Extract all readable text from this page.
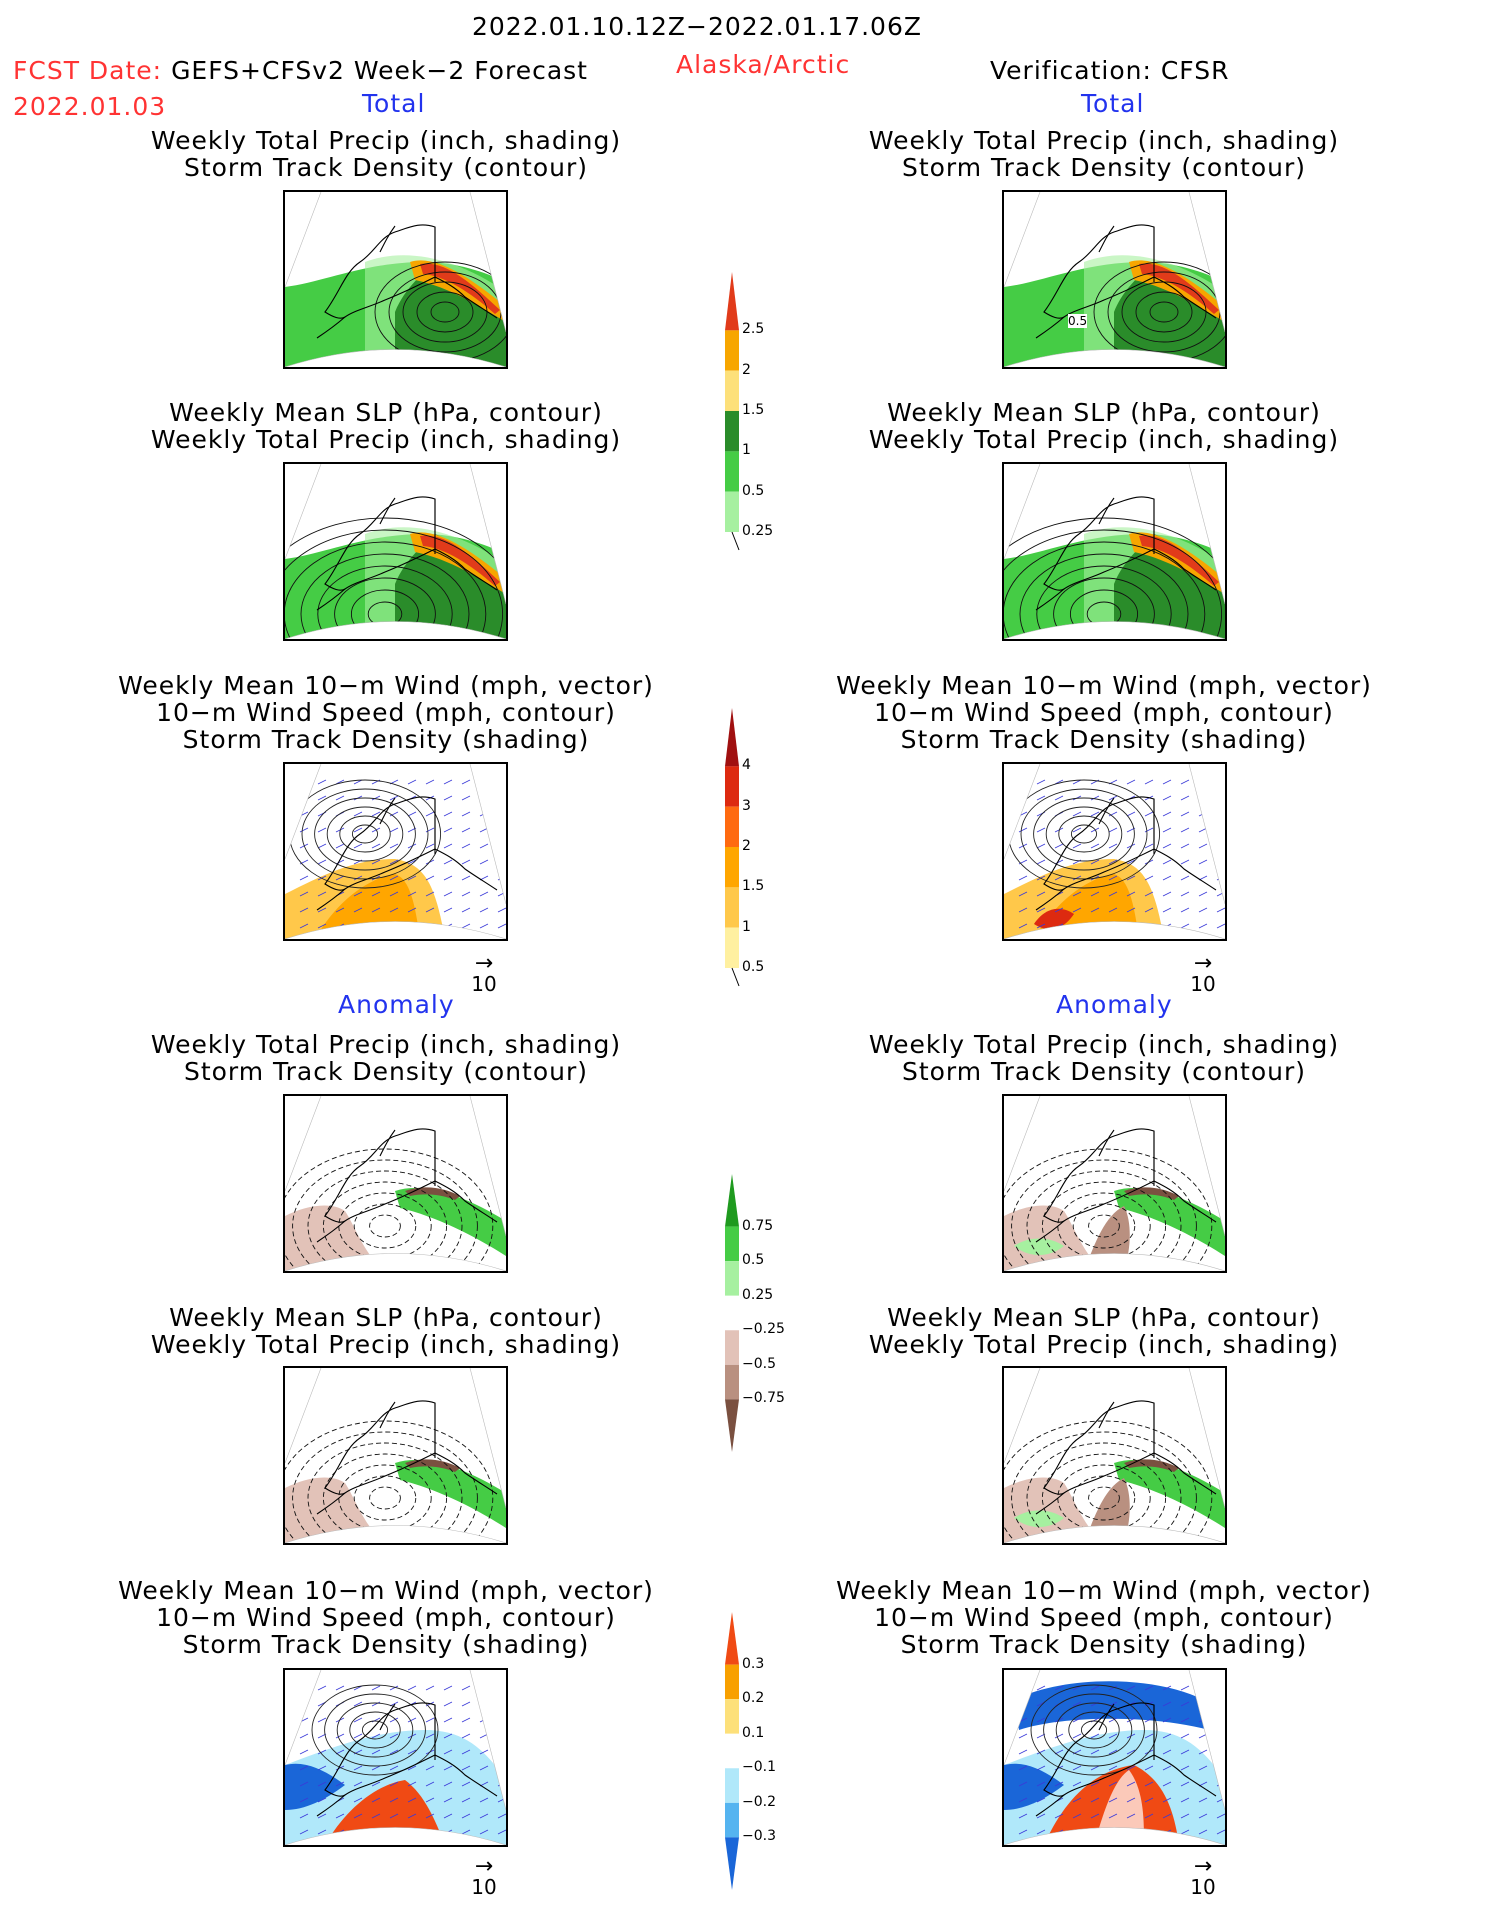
2022.01.10.12Z−2022.01.17.06Z
FCST Date: GEFS+CFSv2 Week−2 Forecast
2022.01.03
Alaska/Arctic	Verification: CFSR
Total	Total
Anomaly	Anomaly
Weekly Total Precip (inch, shading)
Storm Track Density (contour)
Weekly Total Precip (inch, shading)
Storm Track Density (contour)
Weekly Mean SLP (hPa, contour)
Weekly Total Precip (inch, shading)
Weekly Mean SLP (hPa, contour)
Weekly Total Precip (inch, shading)
Weekly Mean 10−m Wind (mph, vector)
10−m Wind Speed (mph, contour)
Storm Track Density (shading)
Weekly Mean 10−m Wind (mph, vector)
10−m Wind Speed (mph, contour)
Storm Track Density (shading)
Weekly Total Precip (inch, shading)
Storm Track Density (contour)
Weekly Total Precip (inch, shading)
Storm Track Density (contour)
Weekly Mean SLP (hPa, contour)
Weekly Total Precip (inch, shading)
Weekly Mean SLP (hPa, contour)
Weekly Total Precip (inch, shading)
Weekly Mean 10−m Wind (mph, vector)
10−m Wind Speed (mph, contour)
Storm Track Density (shading)
Weekly Mean 10−m Wind (mph, vector)
10−m Wind Speed (mph, contour)
Storm Track Density (shading)
0.5
→
10
→
10
→
10
→
10
2.5
2
1.5
1
0.5
0.25
4
3
2
1.5
1
0.5
0.75
0.5
0.25
−0.25
−0.5
−0.75
0.3
0.2
0.1
−0.1
−0.2
−0.3
